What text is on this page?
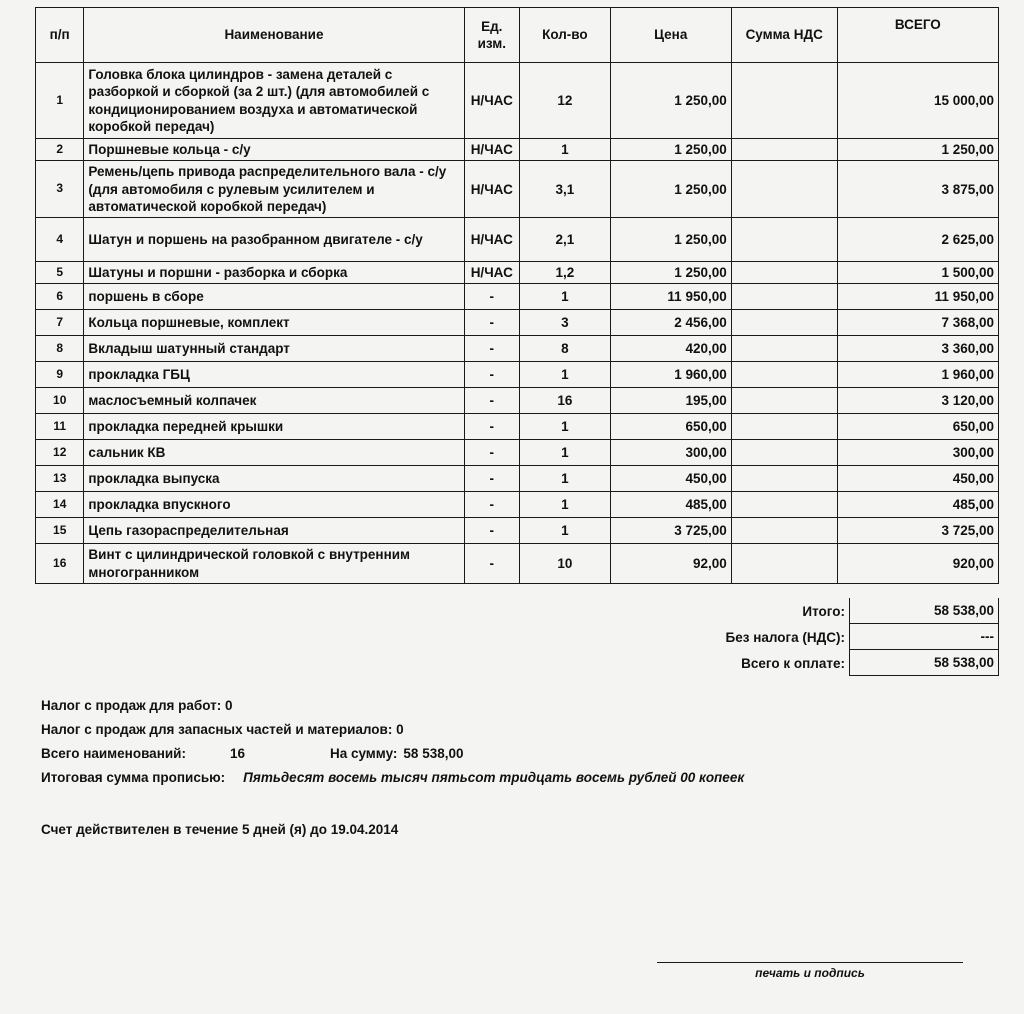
п/п	Наименование	Ед. изм.	Кол-во	Цена	Сумма НДС	ВСЕГО
1	Головка блока цилиндров - замена деталей с разборкой и сборкой (за 2 шт.) (для автомобилей с кондиционированием воздуха и автоматической коробкой передач)	Н/ЧАС	12	1 250,00		15 000,00
2	Поршневые кольца - с/у	Н/ЧАС	1	1 250,00		1 250,00
3	Ремень/цепь привода распределительного вала - с/у (для автомобиля с рулевым усилителем и автоматической коробкой передач)	Н/ЧАС	3,1	1 250,00		3 875,00
4	Шатун и поршень на разобранном двигателе - с/у	Н/ЧАС	2,1	1 250,00		2 625,00
5	Шатуны и поршни - разборка и сборка	Н/ЧАС	1,2	1 250,00		1 500,00
6	поршень в сборе	-	1	11 950,00		11 950,00
7	Кольца поршневые, комплект	-	3	2 456,00		7 368,00
8	Вкладыш шатунный стандарт	-	8	420,00		3 360,00
9	прокладка ГБЦ	-	1	1 960,00		1 960,00
10	маслосъемный колпачек	-	16	195,00		3 120,00
11	прокладка передней крышки	-	1	650,00		650,00
12	сальник КВ	-	1	300,00		300,00
13	прокладка выпуска	-	1	450,00		450,00
14	прокладка впускного	-	1	485,00		485,00
15	Цепь газораспределительная	-	1	3 725,00		3 725,00
16	Винт с цилиндрической головкой с внутренним многогранником	-	10	92,00		920,00
Итого:	58 538,00
Без налога (НДС):	---
Всего к оплате:	58 538,00
Налог с продаж для работ: 0
Налог с продаж для запасных частей и материалов: 0
Всего наименований:	16	На сумму: 58 538,00
Итоговая сумма прописью: Пятьдесят восемь тысяч пятьсот тридцать восемь рублей 00 копеек
Счет действителен в течение 5 дней (я) до 19.04.2014
печать и подпись
